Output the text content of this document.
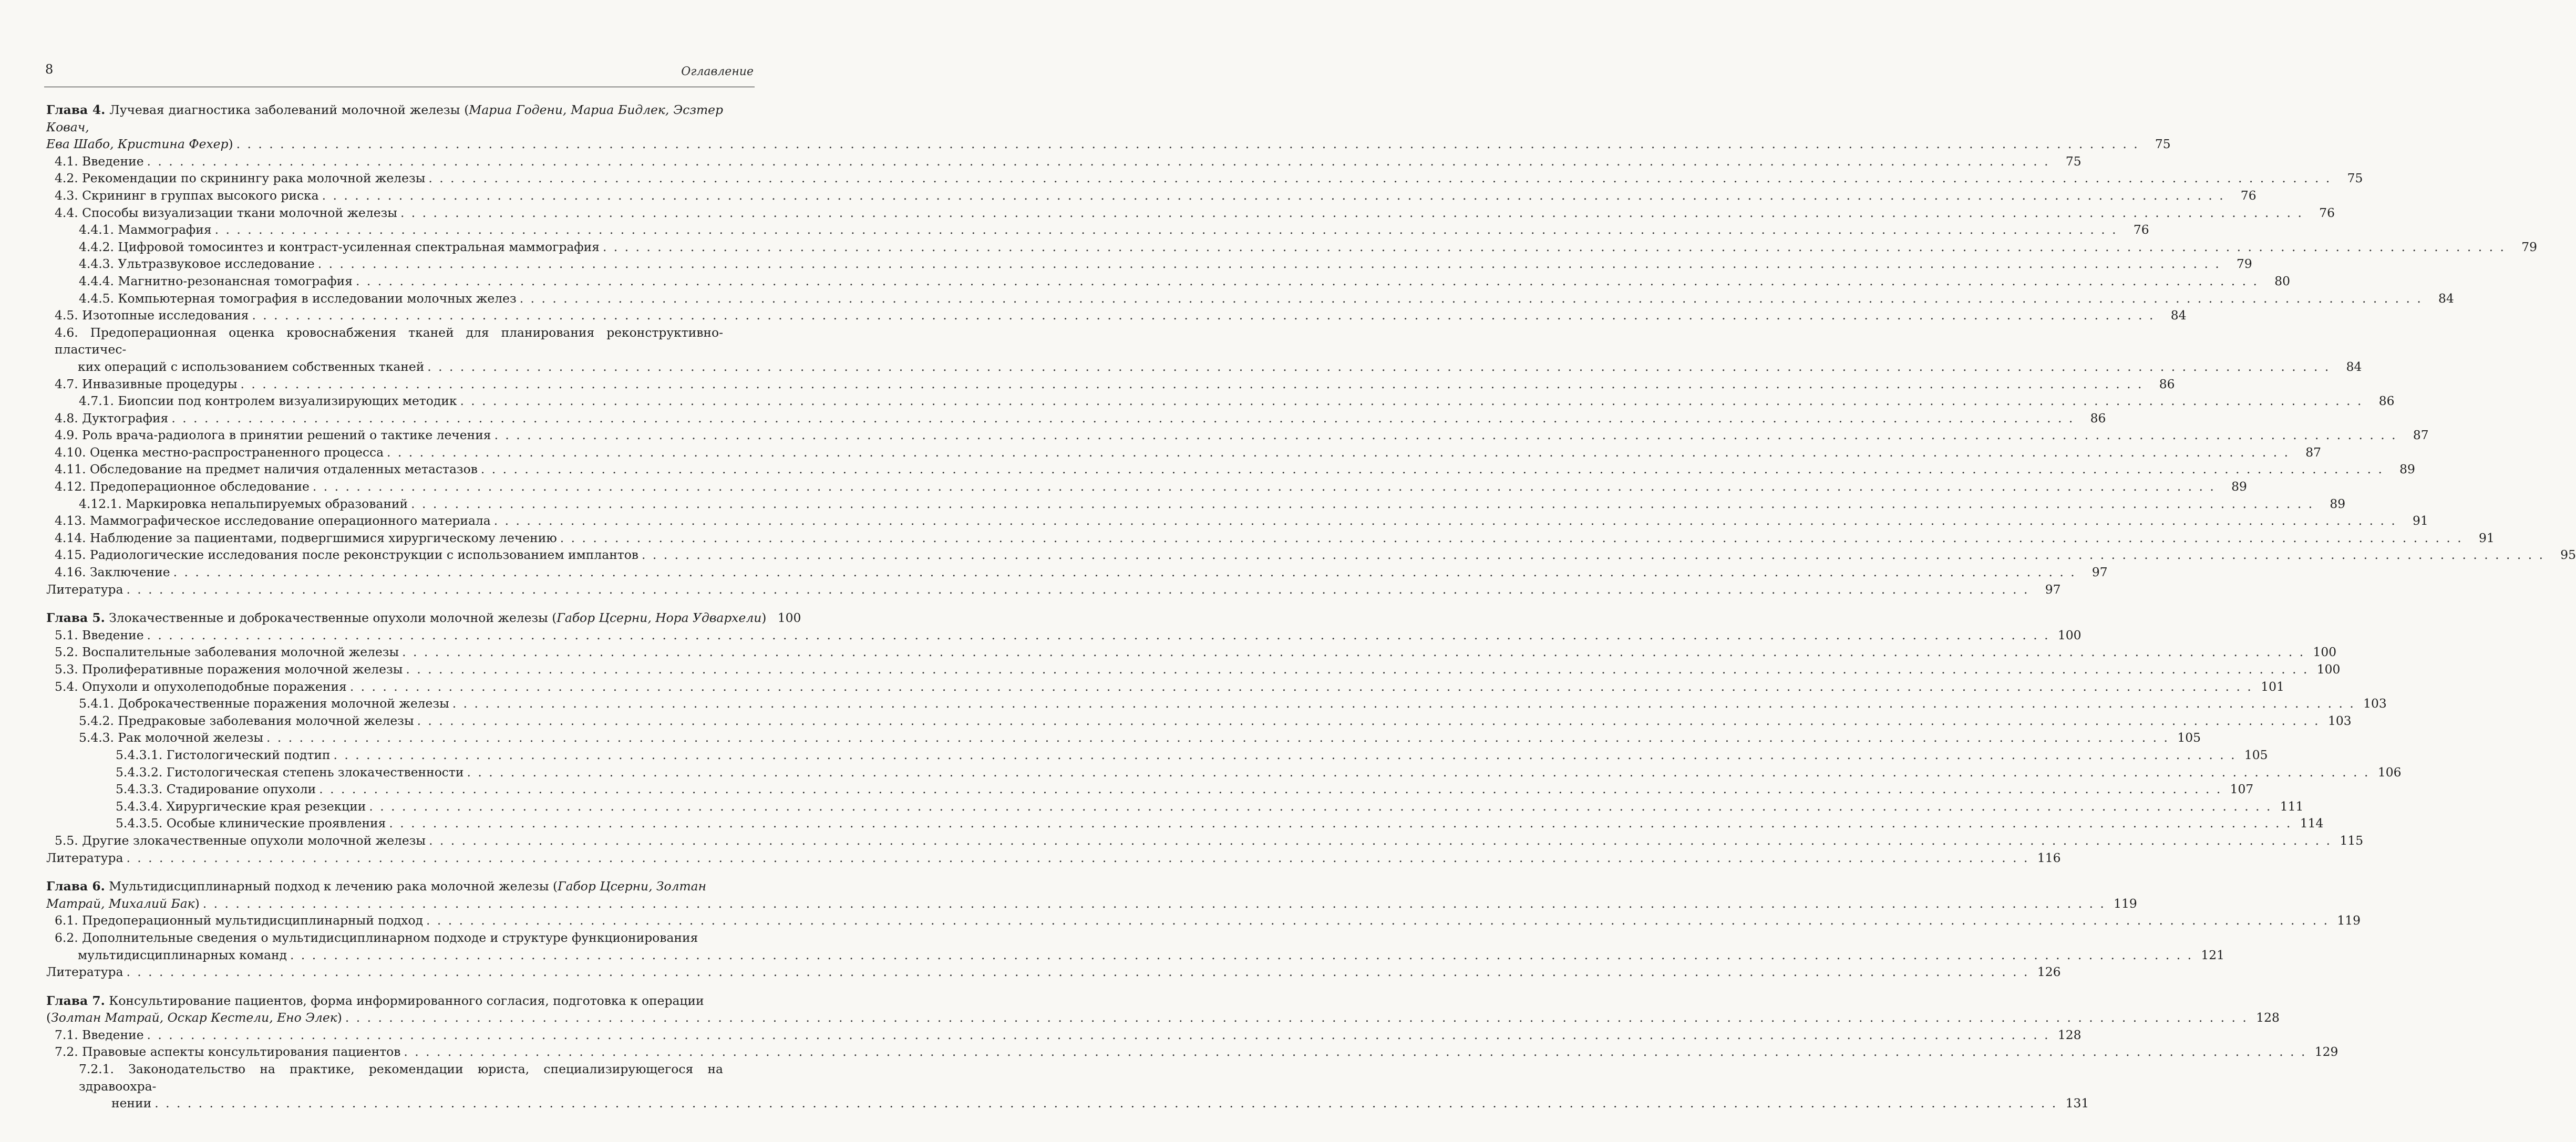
8	Оглавление
Глава 4. Лучевая диагностика заболеваний молочной железы (Мариа Годени, Мариа Бидлек, Эсзтер Ковач,
Ева Шабо, Кристина Фехер) . . .	75
4.1. Введение . . .	75
4.2. Рекомендации по скринингу рака молочной железы . . .	75
4.3. Скрининг в группах высокого риска . . .	76
4.4. Способы визуализации ткани молочной железы . . .	76
4.4.1. Маммография . . .	76
4.4.2. Цифровой томосинтез и контраст-усиленная спектральная маммография . . .	79
4.4.3. Ультразвуковое исследование . . .	79
4.4.4. Магнитно-резонансная томография . . .	80
4.4.5. Компьютерная томография в исследовании молочных желез . . .	84
4.5. Изотопные исследования . . .	84
4.6. Предоперационная оценка кровоснабжения тканей для планирования реконструктивно-пластичес-
ких операций с использованием собственных тканей . . .	84
4.7. Инвазивные процедуры . . .	86
4.7.1. Биопсии под контролем визуализирующих методик . . .	86
4.8. Дуктография . . .	86
4.9. Роль врача-радиолога в принятии решений о тактике лечения . . .	87
4.10. Оценка местно-распространенного процесса . . .	87
4.11. Обследование на предмет наличия отдаленных метастазов . . .	89
4.12. Предоперационное обследование . . .	89
4.12.1. Маркировка непальпируемых образований . . .	89
4.13. Маммографическое исследование операционного материала . . .	91
4.14. Наблюдение за пациентами, подвергшимися хирургическому лечению . . .	91
4.15. Радиологические исследования после реконструкции с использованием имплантов . . .	95
4.16. Заключение . . .	97
Литература . . .	97
Глава 5. Злокачественные и доброкачественные опухоли молочной железы (Габор Цсерни, Нора Удвархели) 100
5.1. Введение . . .	100
5.2. Воспалительные заболевания молочной железы . . .	100
5.3. Пролиферативные поражения молочной железы . . .	100
5.4. Опухоли и опухолеподобные поражения . . .	101
5.4.1. Доброкачественные поражения молочной железы . . .	103
5.4.2. Предраковые заболевания молочной железы . . .	103
5.4.3. Рак молочной железы . . .	105
5.4.3.1. Гистологический подтип . . .	105
5.4.3.2. Гистологическая степень злокачественности . . .	106
5.4.3.3. Стадирование опухоли . . .	107
5.4.3.4. Хирургические края резекции . . .	111
5.4.3.5. Особые клинические проявления . . .	114
5.5. Другие злокачественные опухоли молочной железы . . .	115
Литература . . .	116
Глава 6. Мультидисциплинарный подход к лечению рака молочной железы (Габор Цсерни, Золтан
Матрай, Михалий Бак) . . .	119
6.1. Предоперационный мультидисциплинарный подход . . .	119
6.2. Дополнительные сведения о мультидисциплинарном подходе и структуре функционирования
мультидисциплинарных команд . . .	121
Литература . . .	126
Глава 7. Консультирование пациентов, форма информированного согласия, подготовка к операции
(Золтан Матрай, Оскар Кестели, Ено Элек) . . .	128
7.1. Введение . . .	128
7.2. Правовые аспекты консультирования пациентов . . .	129
7.2.1. Законодательство на практике, рекомендации юриста, специализирующегося на здравоохра-
нении . . .	131
